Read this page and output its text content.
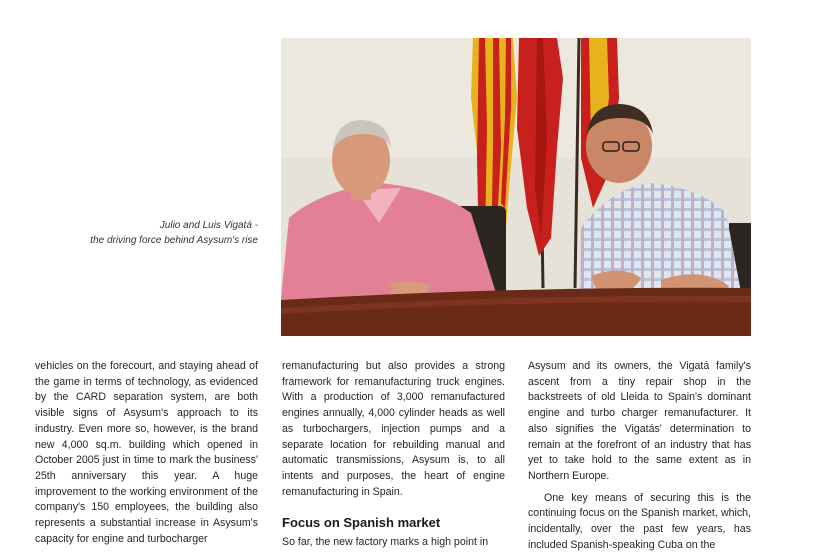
Julio and Luis Vigatá -
the driving force behind Asysum's rise

vehicles on the forecourt, and staying ahead of the game in terms of technology, as evidenced by the CARD separation system, are both visible signs of Asysum's approach to its industry. Even more so, however, is the brand new 4,000 sq.m. building which opened in October 2005 just in time to mark the business' 25th anniversary this year. A huge improvement to the working environment of the company's 150 employees, the building also represents a substantial increase in Asysum's capacity for engine and turbocharger

remanufacturing but also provides a strong framework for remanufacturing truck engines. With a production of 3,000 remanufactured engines annually, 4,000 cylinder heads as well as turbochargers, injection pumps and a separate location for rebuilding manual and automatic transmissions, Asysum is, to all intents and purposes, the heart of engine remanufacturing in Spain.

Focus on Spanish market

So far, the new factory marks a high point in

Asysum and its owners, the Vigatá family's ascent from a tiny repair shop in the backstreets of old Lleida to Spain's dominant engine and turbo charger remanufacturer. It also signifies the Vigatás' determination to remain at the forefront of an industry that has yet to take hold to the same extent as in Northern Europe.

One key means of securing this is the continuing focus on the Spanish market, which, incidentally, over the past few years, has included Spanish-speaking Cuba on the
